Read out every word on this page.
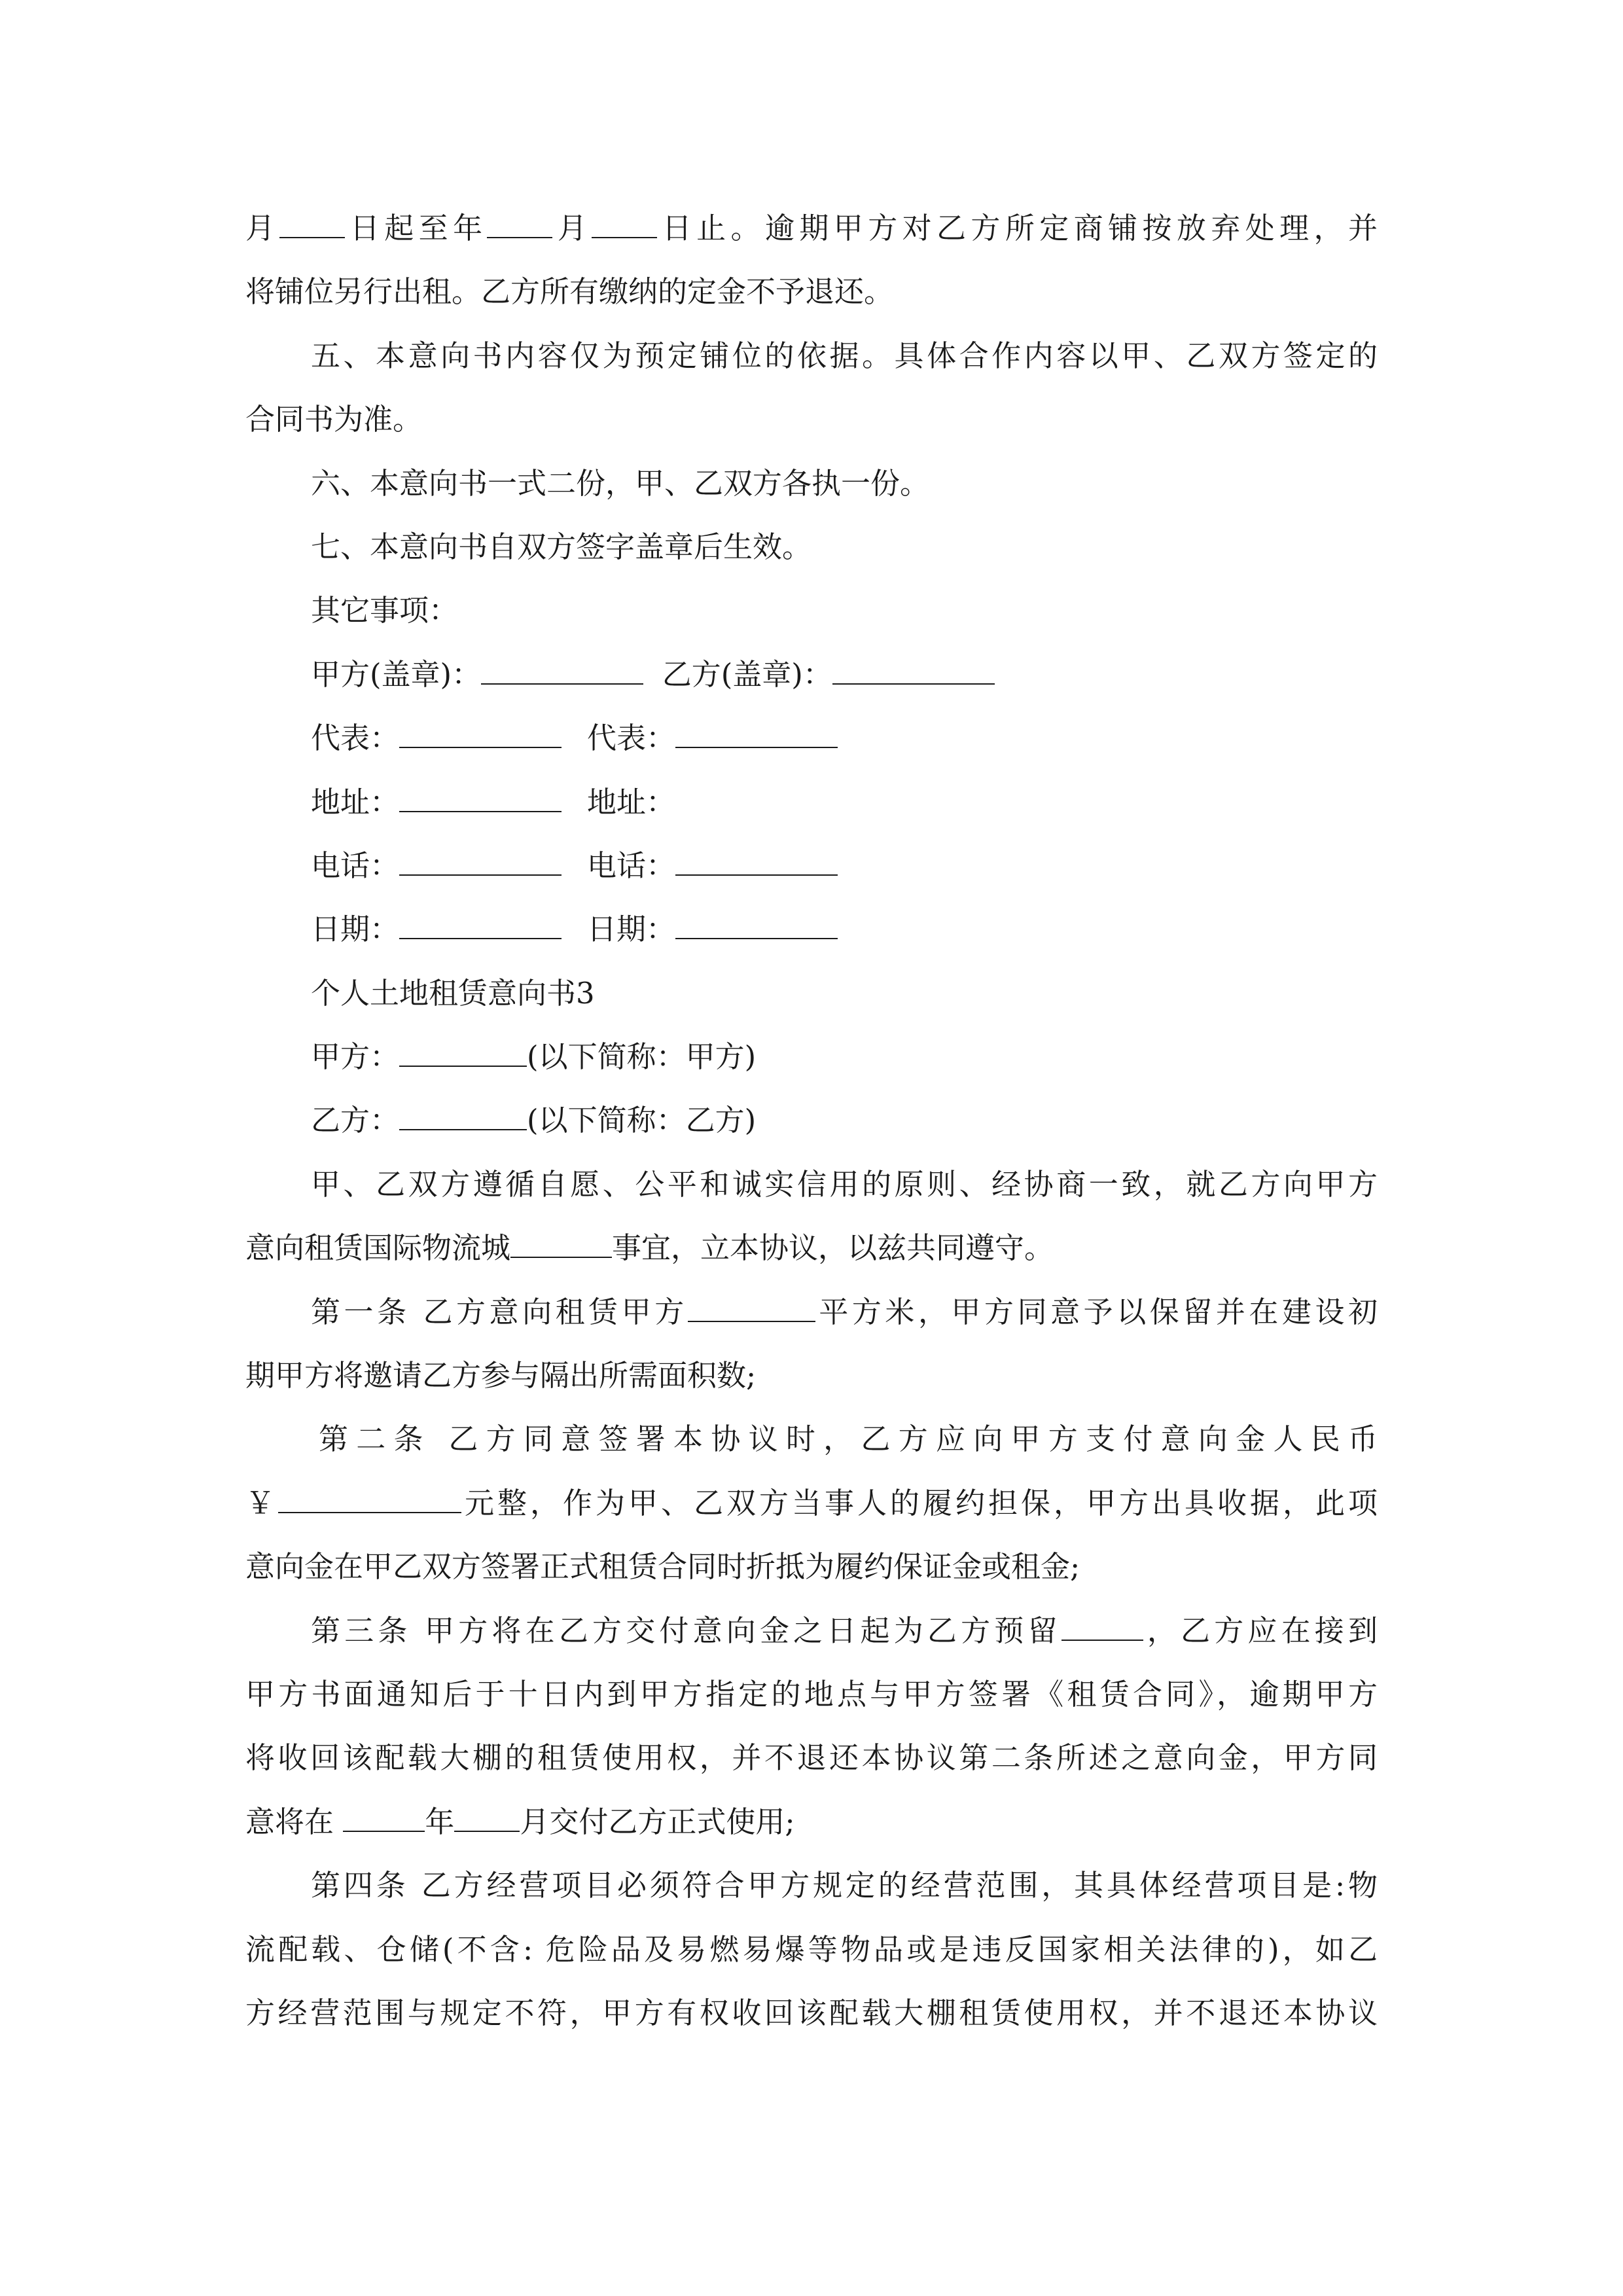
月 日起至年 月 日止。逾期甲方对乙方所定商铺按放弃处理，并
将铺位另行出租。乙方所有缴纳的定金不予退还。
五、本意向书内容仅为预定铺位的依据。具体合作内容以甲、乙双方签定的
合同书为准。
六、本意向书一式二份，甲、乙双方各执一份。
七、本意向书自双方签字盖章后生效。
其它事项：
甲方(盖章)：	乙方(盖章)：
代表：	代表：
地址：	地址：
电话：	电话：
日期：	日期：
个人土地租赁意向书3
甲方：	(以下简称：甲方)
乙方：	(以下简称：乙方)
甲、乙双方遵循自愿、公平和诚实信用的原则、经协商一致，就乙方向甲方
意向租赁国际物流城	事宜，立本协议，以兹共同遵守。
第一条 乙方意向租赁甲方	平方米，甲方同意予以保留并在建设初
期甲方将邀请乙方参与隔出所需面积数;
第二条 乙方同意签署本协议时，乙方应向甲方支付意向金人民币
￥	元整，作为甲、乙双方当事人的履约担保，甲方出具收据，此项
意向金在甲乙双方签署正式租赁合同时折抵为履约保证金或租金;
第三条 甲方将在乙方交付意向金之日起为乙方预留	，乙方应在接到
甲方书面通知后于十日内到甲方指定的地点与甲方签署《租赁合同》，逾期甲方
将收回该配载大棚的租赁使用权，并不退还本协议第二条所述之意向金，甲方同
意将在	年 月交付乙方正式使用;
第四条 乙方经营项目必须符合甲方规定的经营范围，其具体经营项目是:物
流配载、仓储(不含: 危险品及易燃易爆等物品或是违反国家相关法律的)，如乙
方经营范围与规定不符，甲方有权收回该配载大棚租赁使用权，并不退还本协议
